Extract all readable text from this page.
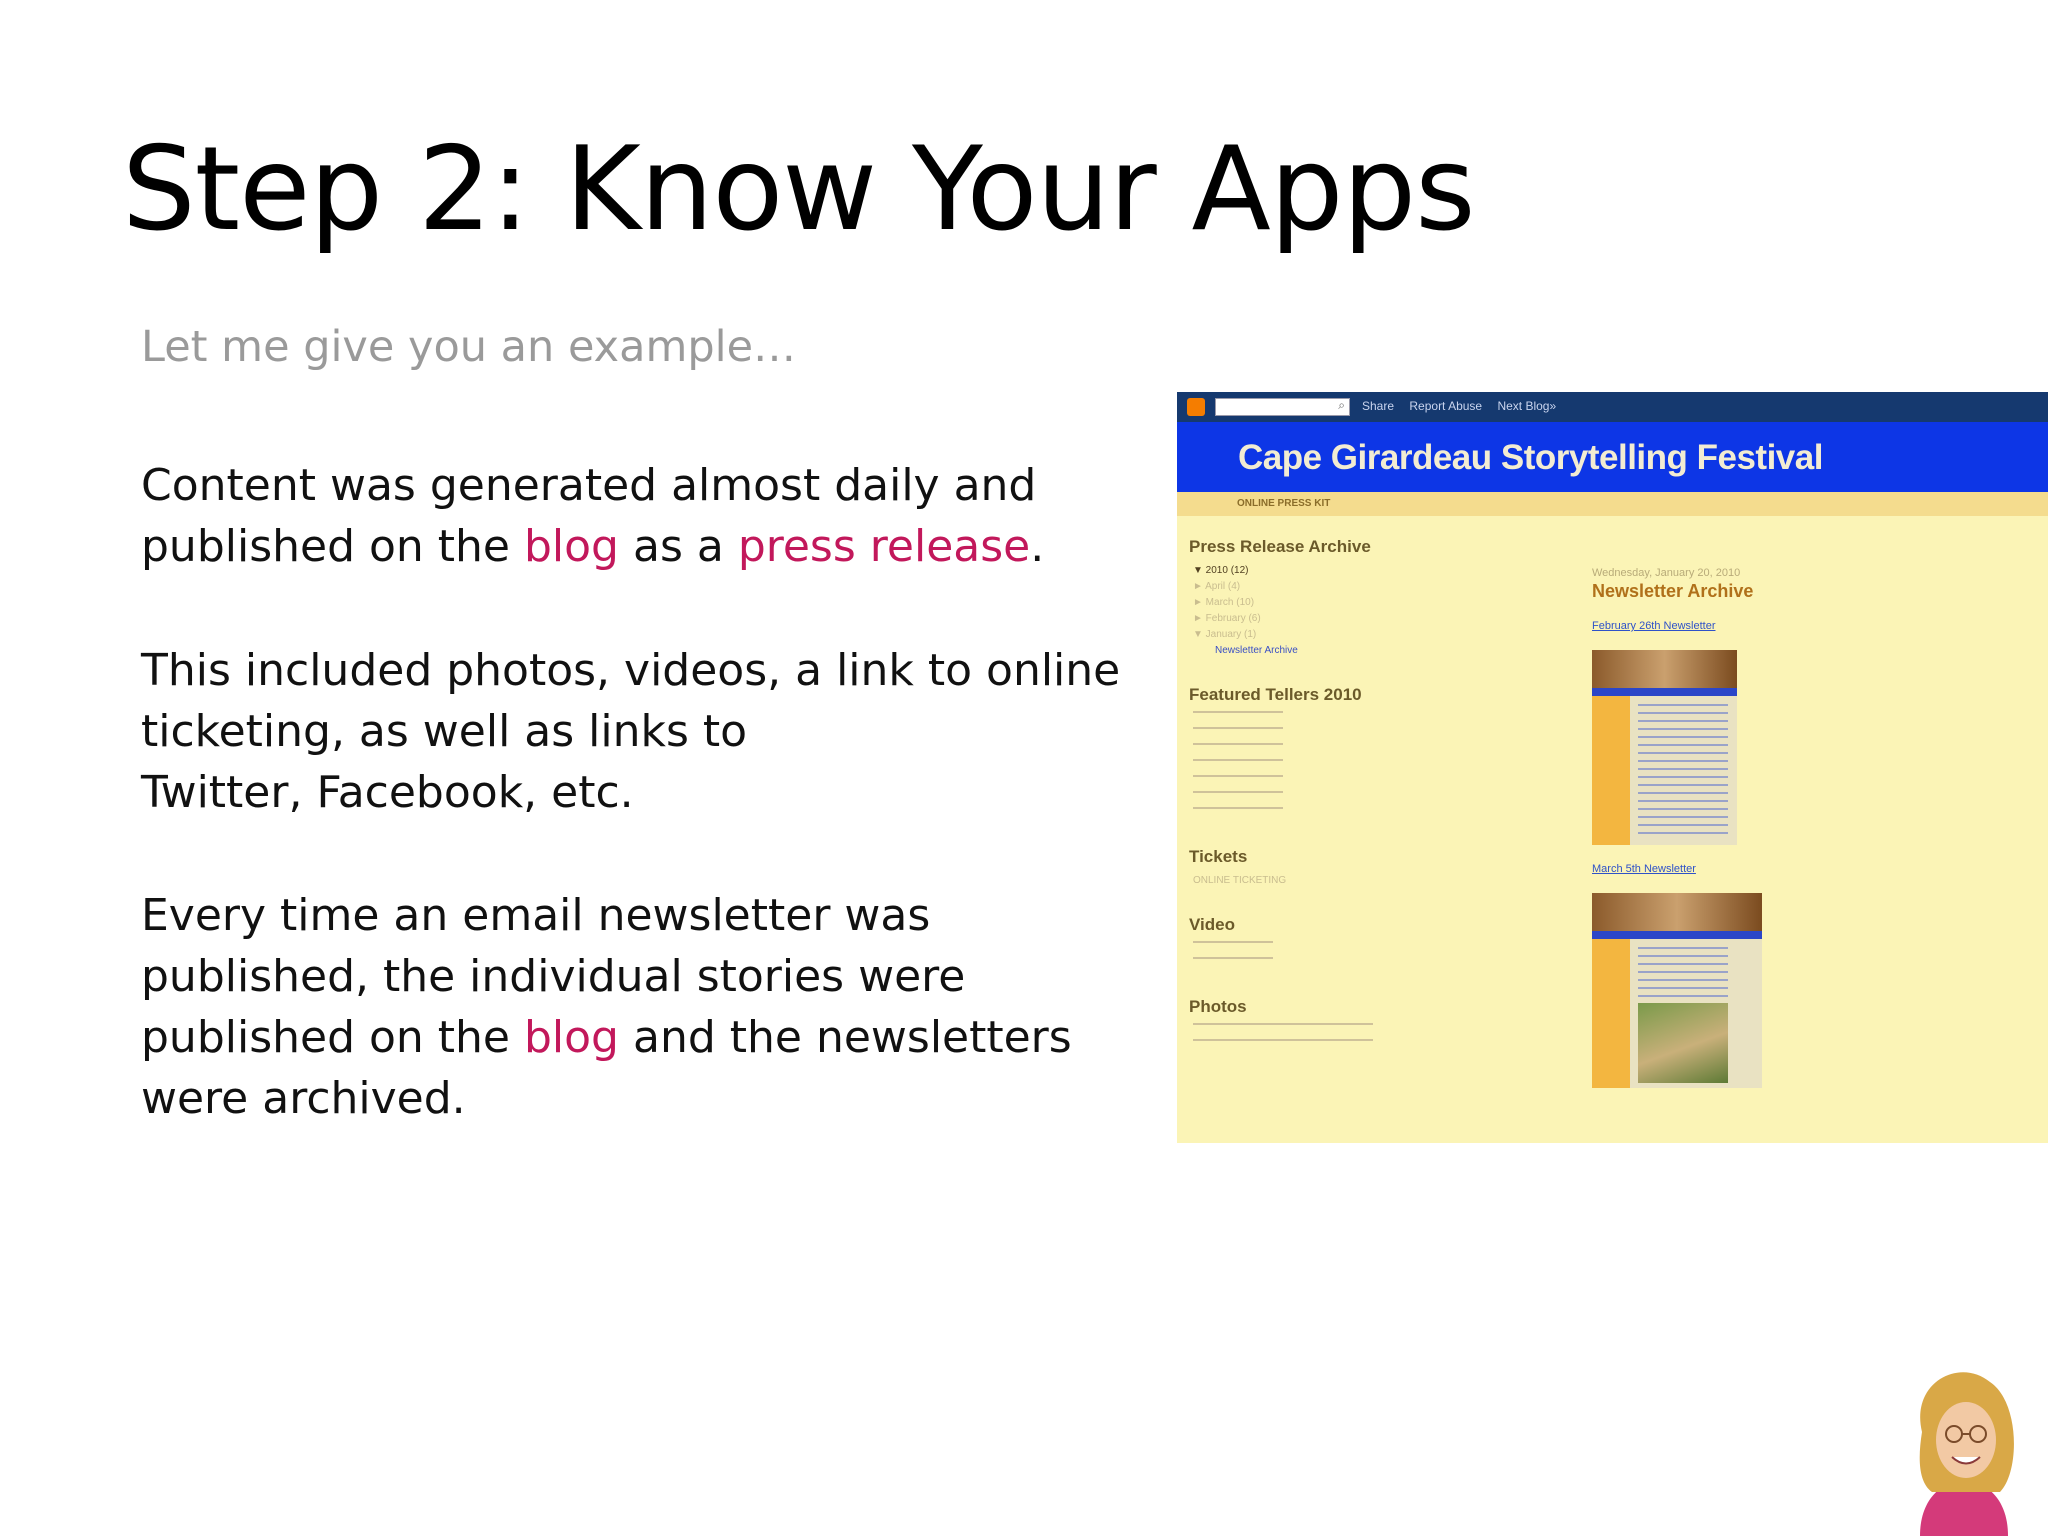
Step 2: Know Your Apps
Let me give you an example…
Content was generated almost daily and published on the blog as a press release.
This included photos, videos, a link to online
ticketing, as well as links to
Twitter, Facebook, etc.
Every time an email newsletter was published, the individual stories were published on the blog and the newsletters were archived.
⌕ Share Report Abuse Next Blog»
Cape Girardeau Storytelling Festival
ONLINE PRESS KIT
Press Release Archive
▼ 2010 (12)
► April (4)
► March (10)
► February (6)
▼ January (1)
Newsletter Archive
Featured Tellers 2010
Tickets
ONLINE TICKETING
Video
Photos
Wednesday, January 20, 2010
Newsletter Archive
February 26th Newsletter
March 5th Newsletter
